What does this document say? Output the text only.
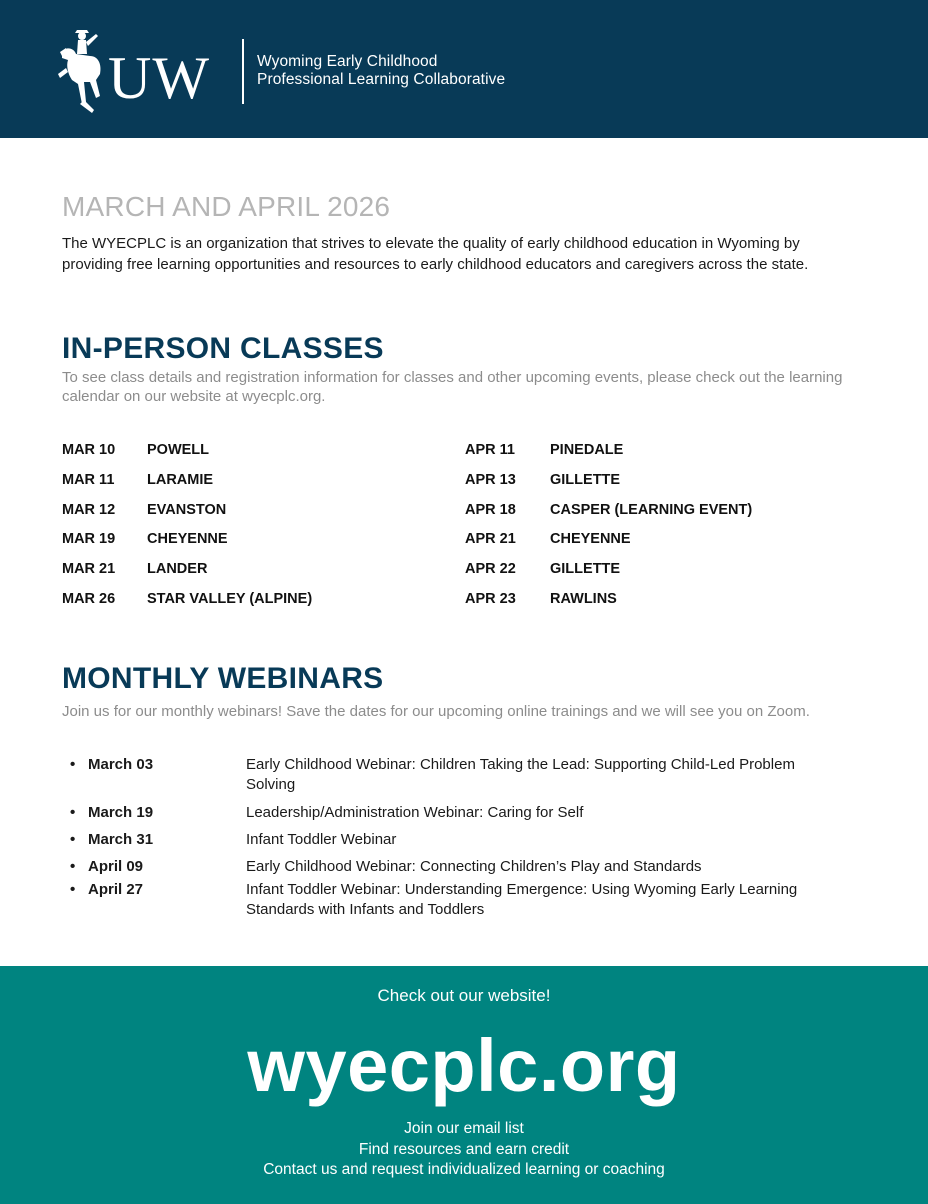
UW	Wyoming Early Childhood
Professional Learning Collaborative
MARCH AND APRIL 2026
The WYECPLC is an organization that strives to elevate the quality of early childhood education in Wyoming by providing free learning opportunities and resources to early childhood educators and caregivers across the state.
IN-PERSON CLASSES
To see class details and registration information for classes and other upcoming events, please check out the learning calendar on our website at wyecplc.org.
MAR 10 POWELL
MAR 11 LARAMIE
MAR 12 EVANSTON
MAR 19 CHEYENNE
MAR 21 LANDER
MAR 26 STAR VALLEY (ALPINE)
APR 11 PINEDALE
APR 13 GILLETTE
APR 18 CASPER (LEARNING EVENT)
APR 21 CHEYENNE
APR 22 GILLETTE
APR 23 RAWLINS
MONTHLY WEBINARS
Join us for our monthly webinars! Save the dates for our upcoming online trainings and we will see you on Zoom.
• March 03	Early Childhood Webinar: Children Taking the Lead: Supporting Child-Led Problem Solving
• March 19	Leadership/Administration Webinar: Caring for Self
• March 31	Infant Toddler Webinar
• April 09	Early Childhood Webinar: Connecting Children’s Play and Standards
• April 27	Infant Toddler Webinar: Understanding Emergence: Using Wyoming Early Learning Standards with Infants and Toddlers
Check out our website!
wyecplc.org
Join our email list
Find resources and earn credit
Contact us and request individualized learning or coaching
